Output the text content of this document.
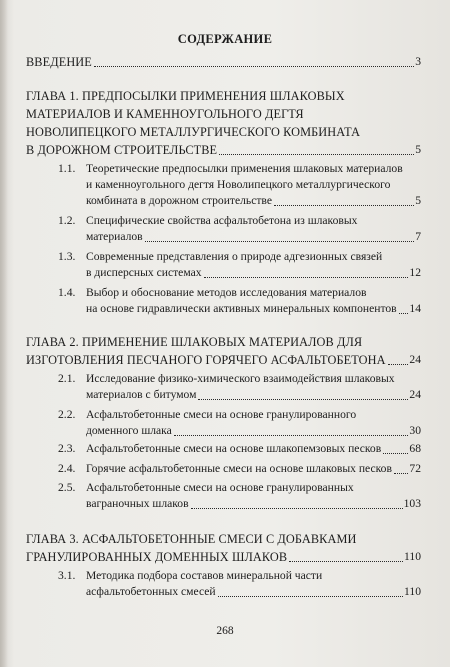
СОДЕРЖАНИЕ
ВВЕДЕНИЕ	3
ГЛАВА 1. ПРЕДПОСЫЛКИ ПРИМЕНЕНИЯ ШЛАКОВЫХ
МАТЕРИАЛОВ И КАМЕННОУГОЛЬНОГО ДЕГТЯ
НОВОЛИПЕЦКОГО МЕТАЛЛУРГИЧЕСКОГО КОМБИНАТА
В ДОРОЖНОМ СТРОИТЕЛЬСТВЕ	5
1.1. Теоретические предпосылки применения шлаковых материалов
и каменноугольного дегтя Новолипецкого металлургического
комбината в дорожном строительстве	5
1.2. Специфические свойства асфальтобетона из шлаковых
материалов	7
1.3. Современные представления о природе адгезионных связей
в дисперсных системах	12
1.4. Выбор и обоснование методов исследования материалов
на основе гидравлически активных минеральных компонентов 14
ГЛАВА 2. ПРИМЕНЕНИЕ ШЛАКОВЫХ МАТЕРИАЛОВ ДЛЯ
ИЗГОТОВЛЕНИЯ ПЕСЧАНОГО ГОРЯЧЕГО АСФАЛЬТОБЕТОНА 24
2.1. Исследование физико-химического взаимодействия шлаковых
материалов с битумом	24
2.2. Асфальтобетонные смеси на основе гранулированного
доменного шлака	30
2.3. Асфальтобетонные смеси на основе шлакопемзовых песков 68
2.4. Горячие асфальтобетонные смеси на основе шлаковых песков 72
2.5. Асфальтобетонные смеси на основе гранулированных
ваграночных шлаков	103
ГЛАВА 3. АСФАЛЬТОБЕТОННЫЕ СМЕСИ С ДОБАВКАМИ
ГРАНУЛИРОВАННЫХ ДОМЕННЫХ ШЛАКОВ	110
3.1. Методика подбора составов минеральной части
асфальтобетонных смесей	110
268
